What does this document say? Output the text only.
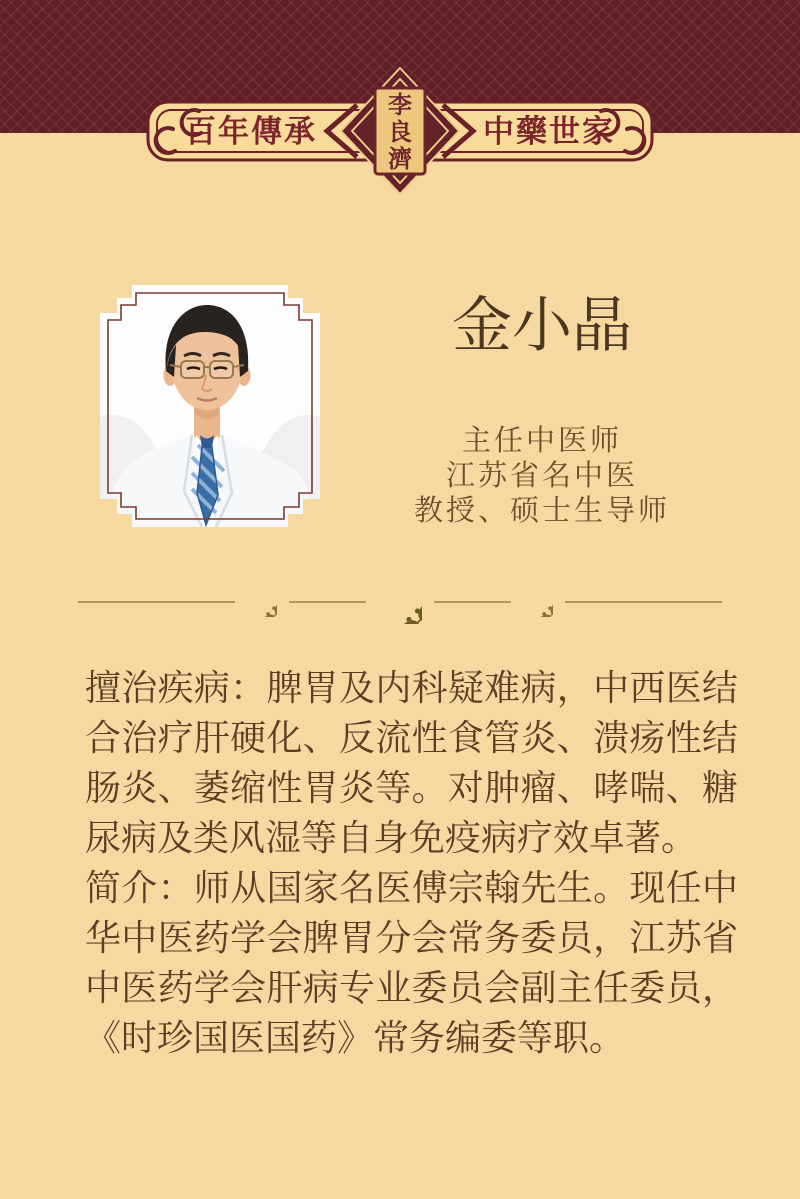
百年傳承	中藥世家
李
良
濟
金小晶
主任中医师
江苏省名中医
教授、硕士生导师

擅治疾病：脾胃及内科疑难病，中西医结合治疗肝硬化、反流性食管炎、溃疡性结肠炎、萎缩性胃炎等。对肿瘤、哮喘、糖尿病及类风湿等自身免疫病疗效卓著。

简介：师从国家名医傅宗翰先生。现任中华中医药学会脾胃分会常务委员，江苏省中医药学会肝病专业委员会副主任委员，《时珍国医国药》常务编委等职。
